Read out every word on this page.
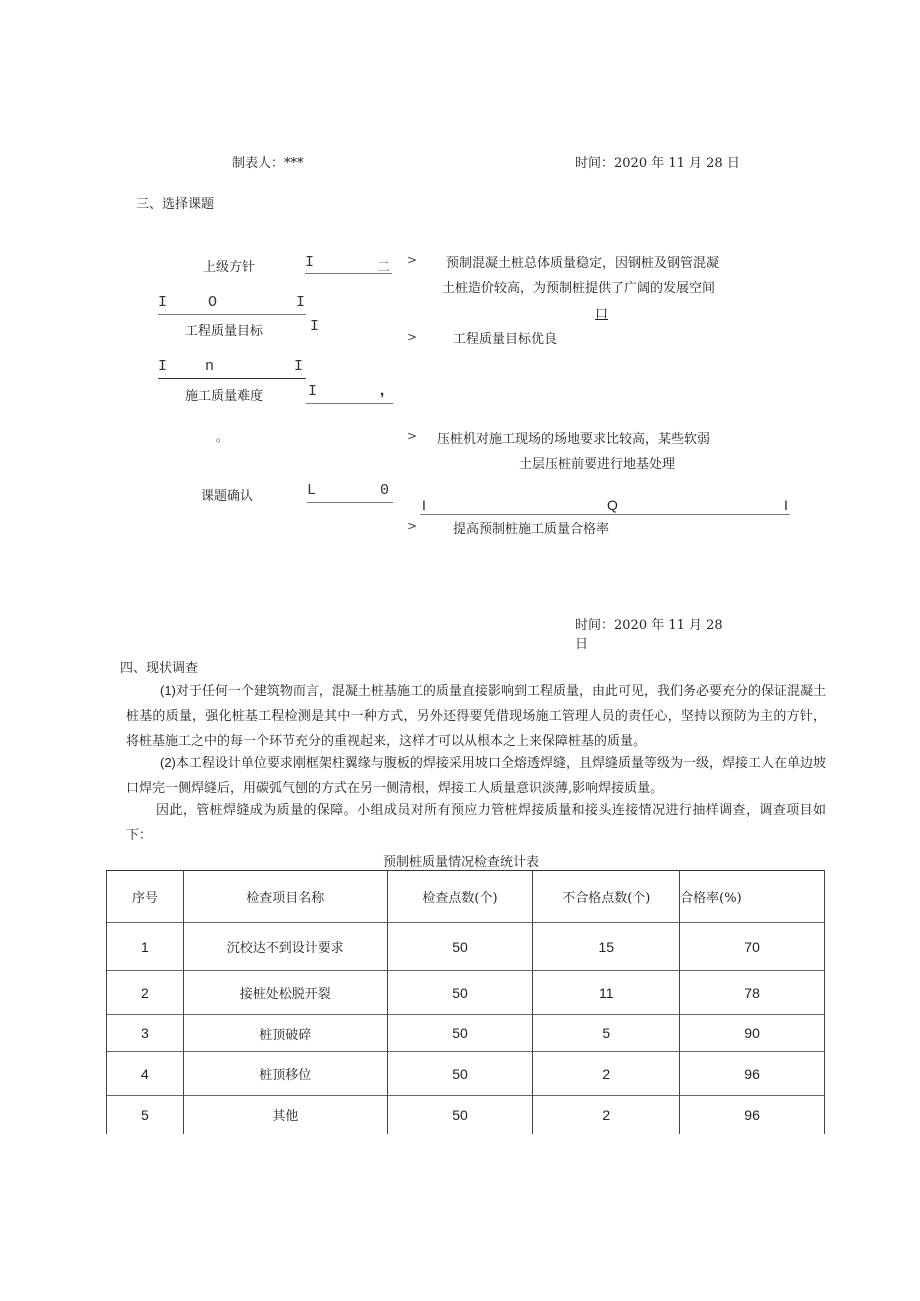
制表人：***	时间：2020 年 11 月 28 日
三、选择课题
上级方针
工程质量目标
施工质量难度
。
课题确认
I	二
I	O	I
I
I	n	I
I	,
L	0
I	Q	I
> 预制混凝土桩总体质量稳定，因钢桩及钢管混凝
土桩造价较高，为预制桩提供了广阔的发展空间
口
>	工程质量目标优良
> 压桩机对施工现场的场地要求比较高，某些软弱
土层压桩前要进行地基处理
>	提高预制桩施工质量合格率
时间：2020 年 11 月 28
日
四、现状调查
(1)对于任何一个建筑物而言，混凝土桩基施工的质量直接影响到工程质量，由此可见，我们务必要充分的保证混凝土桩基的质量，强化桩基工程检测是其中一种方式，另外还得要凭借现场施工管理人员的责任心，坚持以预防为主的方针，将桩基施工之中的每一个环节充分的重视起来，这样才可以从根本之上来保障桩基的质量。
(2)本工程设计单位要求刚框架柱翼缘与腹板的焊接采用坡口全熔透焊缝，且焊缝质量等级为一级，焊接工人在单边坡口焊完一侧焊缝后，用碳弧气刨的方式在另一侧清根，焊接工人质量意识淡薄,影响焊接质量。
因此，管桩焊缝成为质量的保障。小组成员对所有预应力管桩焊接质量和接头连接情况进行抽样调查，调查项目如下：
预制桩质量情况检查统计表
序号	检查项目名称	检查点数(个)	不合格点数(个)	合格率(%)
1	沉校达不到设计要求	50	15	70
2	接桩处松脱开裂	50	11	78
3	桩顶破碎	50	5	90
4	桩顶移位	50	2	96
5	其他	50	2	96
